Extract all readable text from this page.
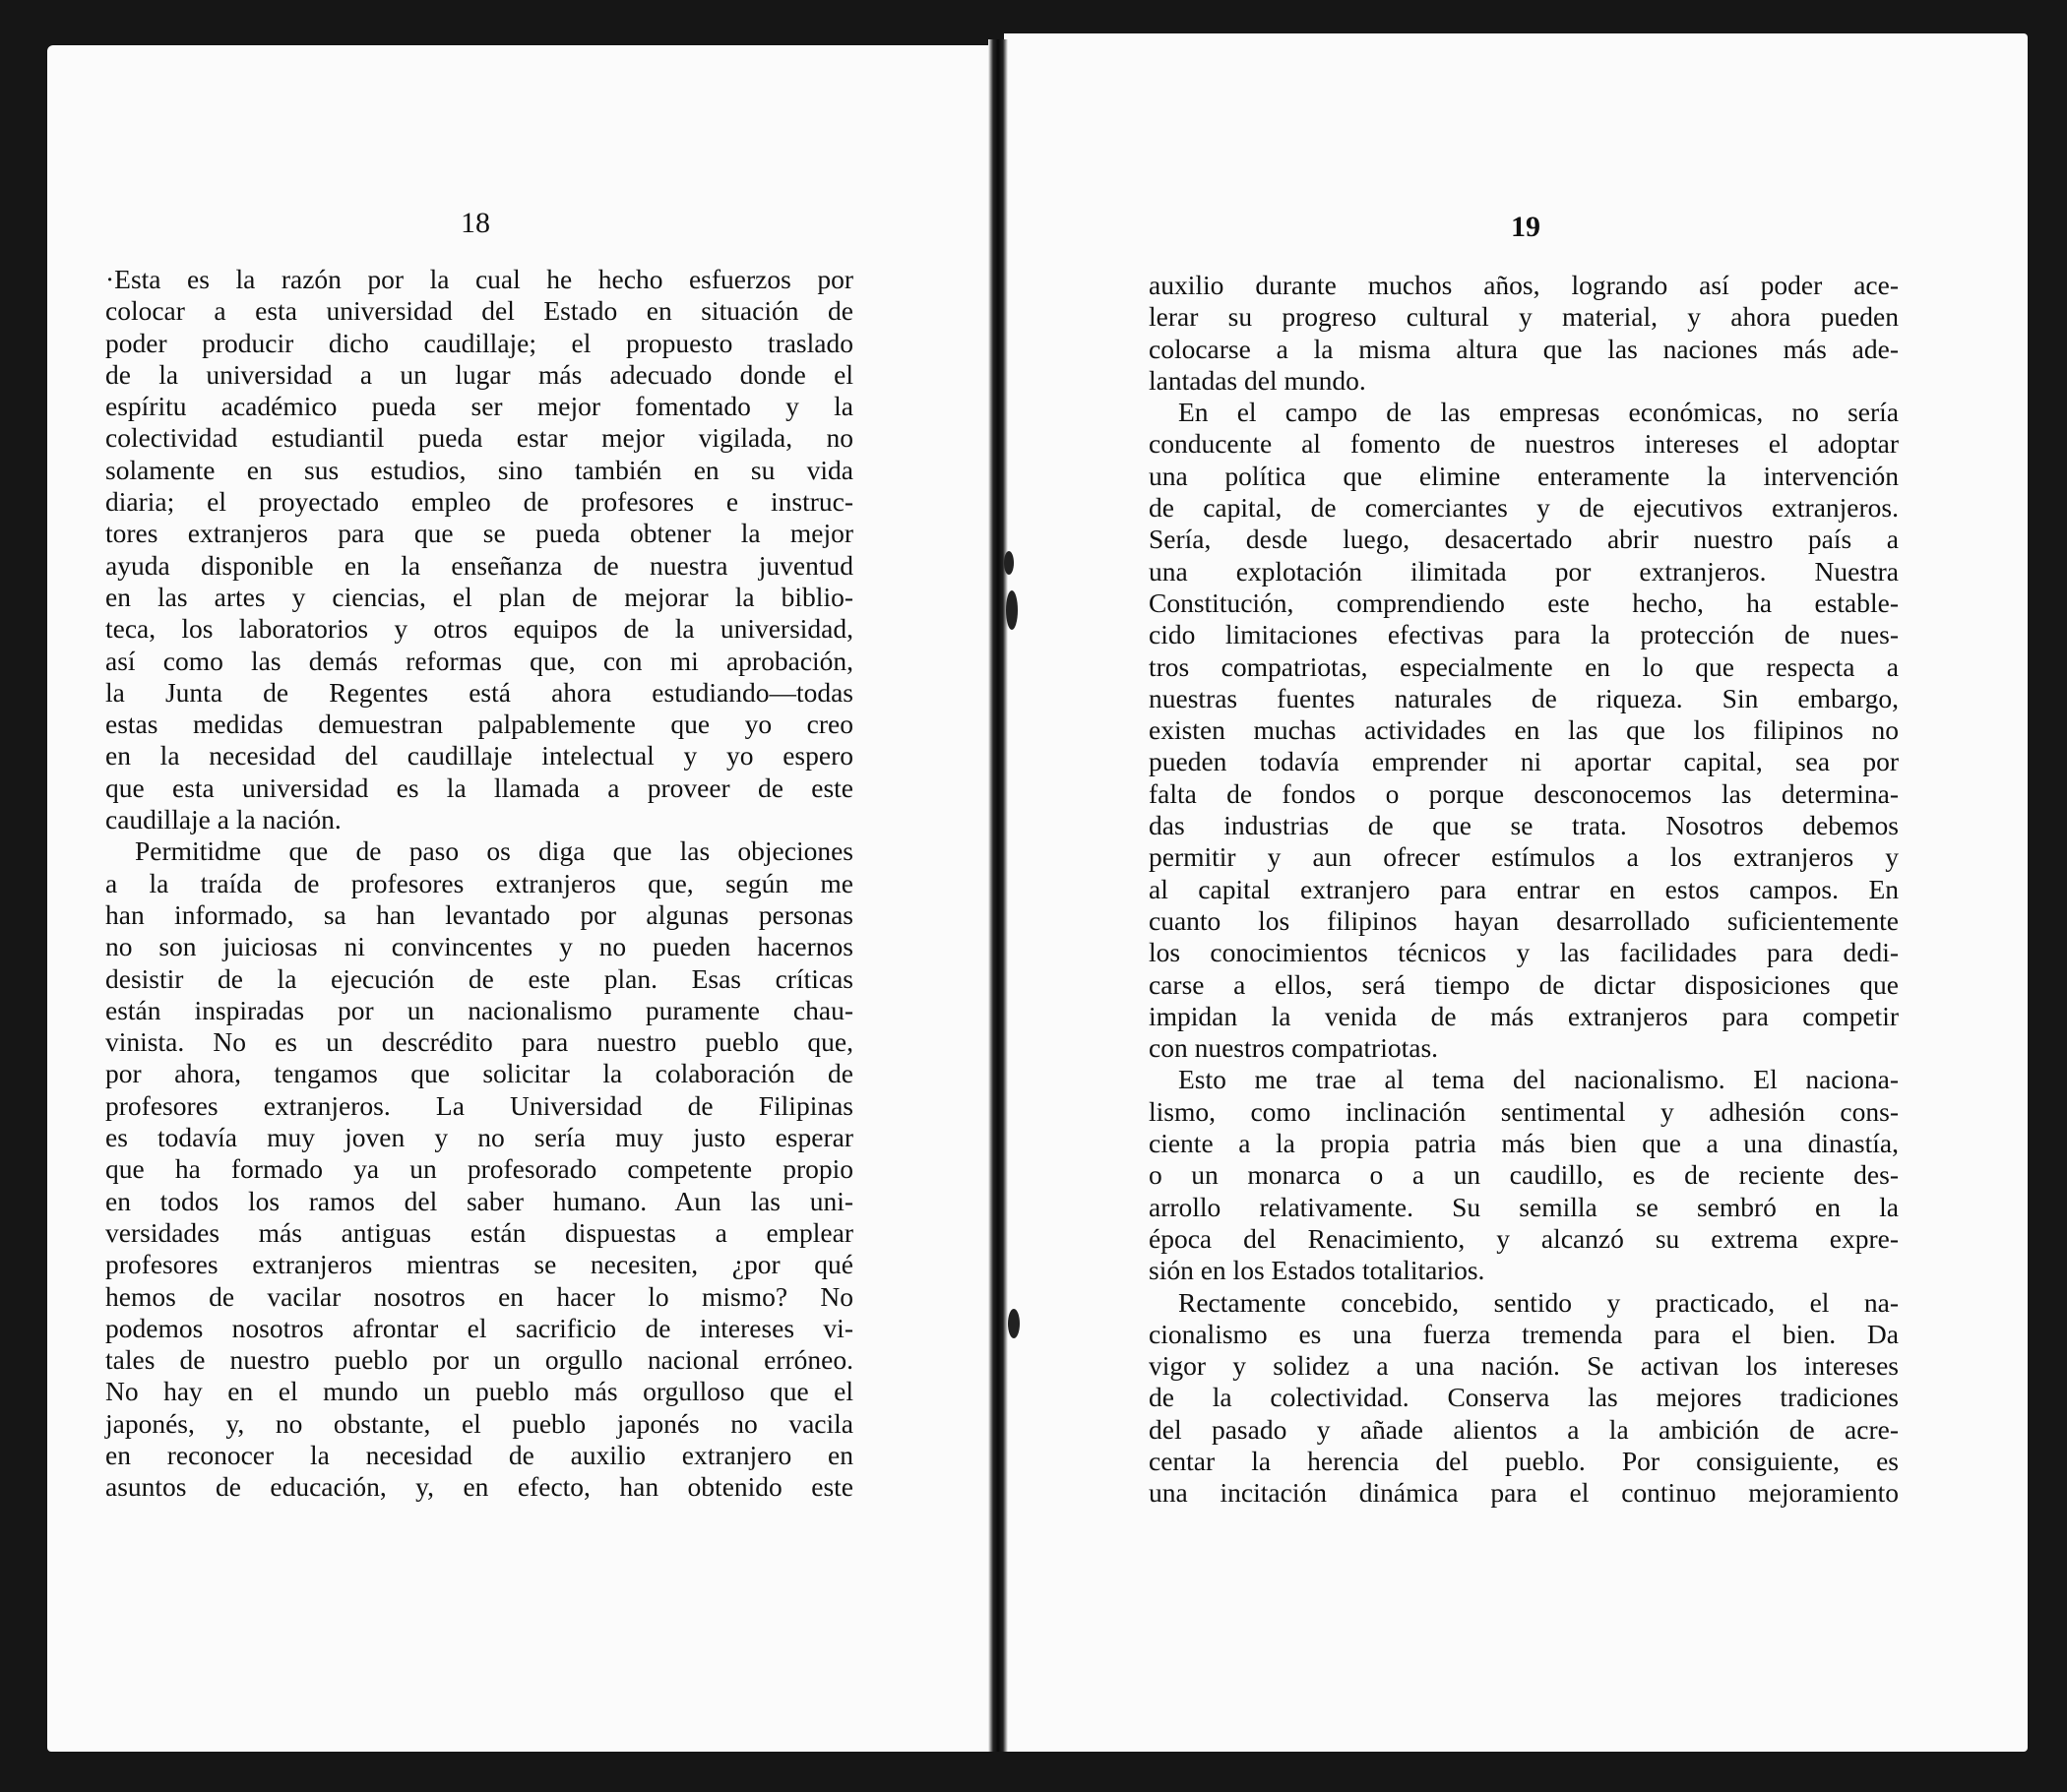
18	19
·Esta es la razón por la cual he hecho esfuerzos por
colocar a esta universidad del Estado en situación de
poder producir dicho caudillaje; el propuesto traslado
de la universidad a un lugar más adecuado donde el
espíritu académico pueda ser mejor fomentado y la
colectividad estudiantil pueda estar mejor vigilada, no
solamente en sus estudios, sino también en su vida
diaria; el proyectado empleo de profesores e instruc-
tores extranjeros para que se pueda obtener la mejor
ayuda disponible en la enseñanza de nuestra juventud
en las artes y ciencias, el plan de mejorar la biblio-
teca, los laboratorios y otros equipos de la universidad,
así como las demás reformas que, con mi aprobación,
la Junta de Regentes está ahora estudiando—todas
estas medidas demuestran palpablemente que yo creo
en la necesidad del caudillaje intelectual y yo espero
que esta universidad es la llamada a proveer de este
caudillaje a la nación.
Permitidme que de paso os diga que las objeciones
a la traída de profesores extranjeros que, según me
han informado, sa han levantado por algunas personas
no son juiciosas ni convincentes y no pueden hacernos
desistir de la ejecución de este plan. Esas críticas
están inspiradas por un nacionalismo puramente chau-
vinista. No es un descrédito para nuestro pueblo que,
por ahora, tengamos que solicitar la colaboración de
profesores extranjeros. La Universidad de Filipinas
es todavía muy joven y no sería muy justo esperar
que ha formado ya un profesorado competente propio
en todos los ramos del saber humano. Aun las uni-
versidades más antiguas están dispuestas a emplear
profesores extranjeros mientras se necesiten, ¿por qué
hemos de vacilar nosotros en hacer lo mismo? No
podemos nosotros afrontar el sacrificio de intereses vi-
tales de nuestro pueblo por un orgullo nacional erróneo.
No hay en el mundo un pueblo más orgulloso que el
japonés, y, no obstante, el pueblo japonés no vacila
en reconocer la necesidad de auxilio extranjero en
asuntos de educación, y, en efecto, han obtenido este
auxilio durante muchos años, logrando así poder ace-
lerar su progreso cultural y material, y ahora pueden
colocarse a la misma altura que las naciones más ade-
lantadas del mundo.
En el campo de las empresas económicas, no sería
conducente al fomento de nuestros intereses el adoptar
una política que elimine enteramente la intervención
de capital, de comerciantes y de ejecutivos extranjeros.
Sería, desde luego, desacertado abrir nuestro país a
una explotación ilimitada por extranjeros. Nuestra
Constitución, comprendiendo este hecho, ha estable-
cido limitaciones efectivas para la protección de nues-
tros compatriotas, especialmente en lo que respecta a
nuestras fuentes naturales de riqueza. Sin embargo,
existen muchas actividades en las que los filipinos no
pueden todavía emprender ni aportar capital, sea por
falta de fondos o porque desconocemos las determina-
das industrias de que se trata. Nosotros debemos
permitir y aun ofrecer estímulos a los extranjeros y
al capital extranjero para entrar en estos campos. En
cuanto los filipinos hayan desarrollado suficientemente
los conocimientos técnicos y las facilidades para dedi-
carse a ellos, será tiempo de dictar disposiciones que
impidan la venida de más extranjeros para competir
con nuestros compatriotas.
Esto me trae al tema del nacionalismo. El naciona-
lismo, como inclinación sentimental y adhesión cons-
ciente a la propia patria más bien que a una dinastía,
o un monarca o a un caudillo, es de reciente des-
arrollo relativamente. Su semilla se sembró en la
época del Renacimiento, y alcanzó su extrema expre-
sión en los Estados totalitarios.
Rectamente concebido, sentido y practicado, el na-
cionalismo es una fuerza tremenda para el bien. Da
vigor y solidez a una nación. Se activan los intereses
de la colectividad. Conserva las mejores tradiciones
del pasado y añade alientos a la ambición de acre-
centar la herencia del pueblo. Por consiguiente, es
una incitación dinámica para el continuo mejoramiento
